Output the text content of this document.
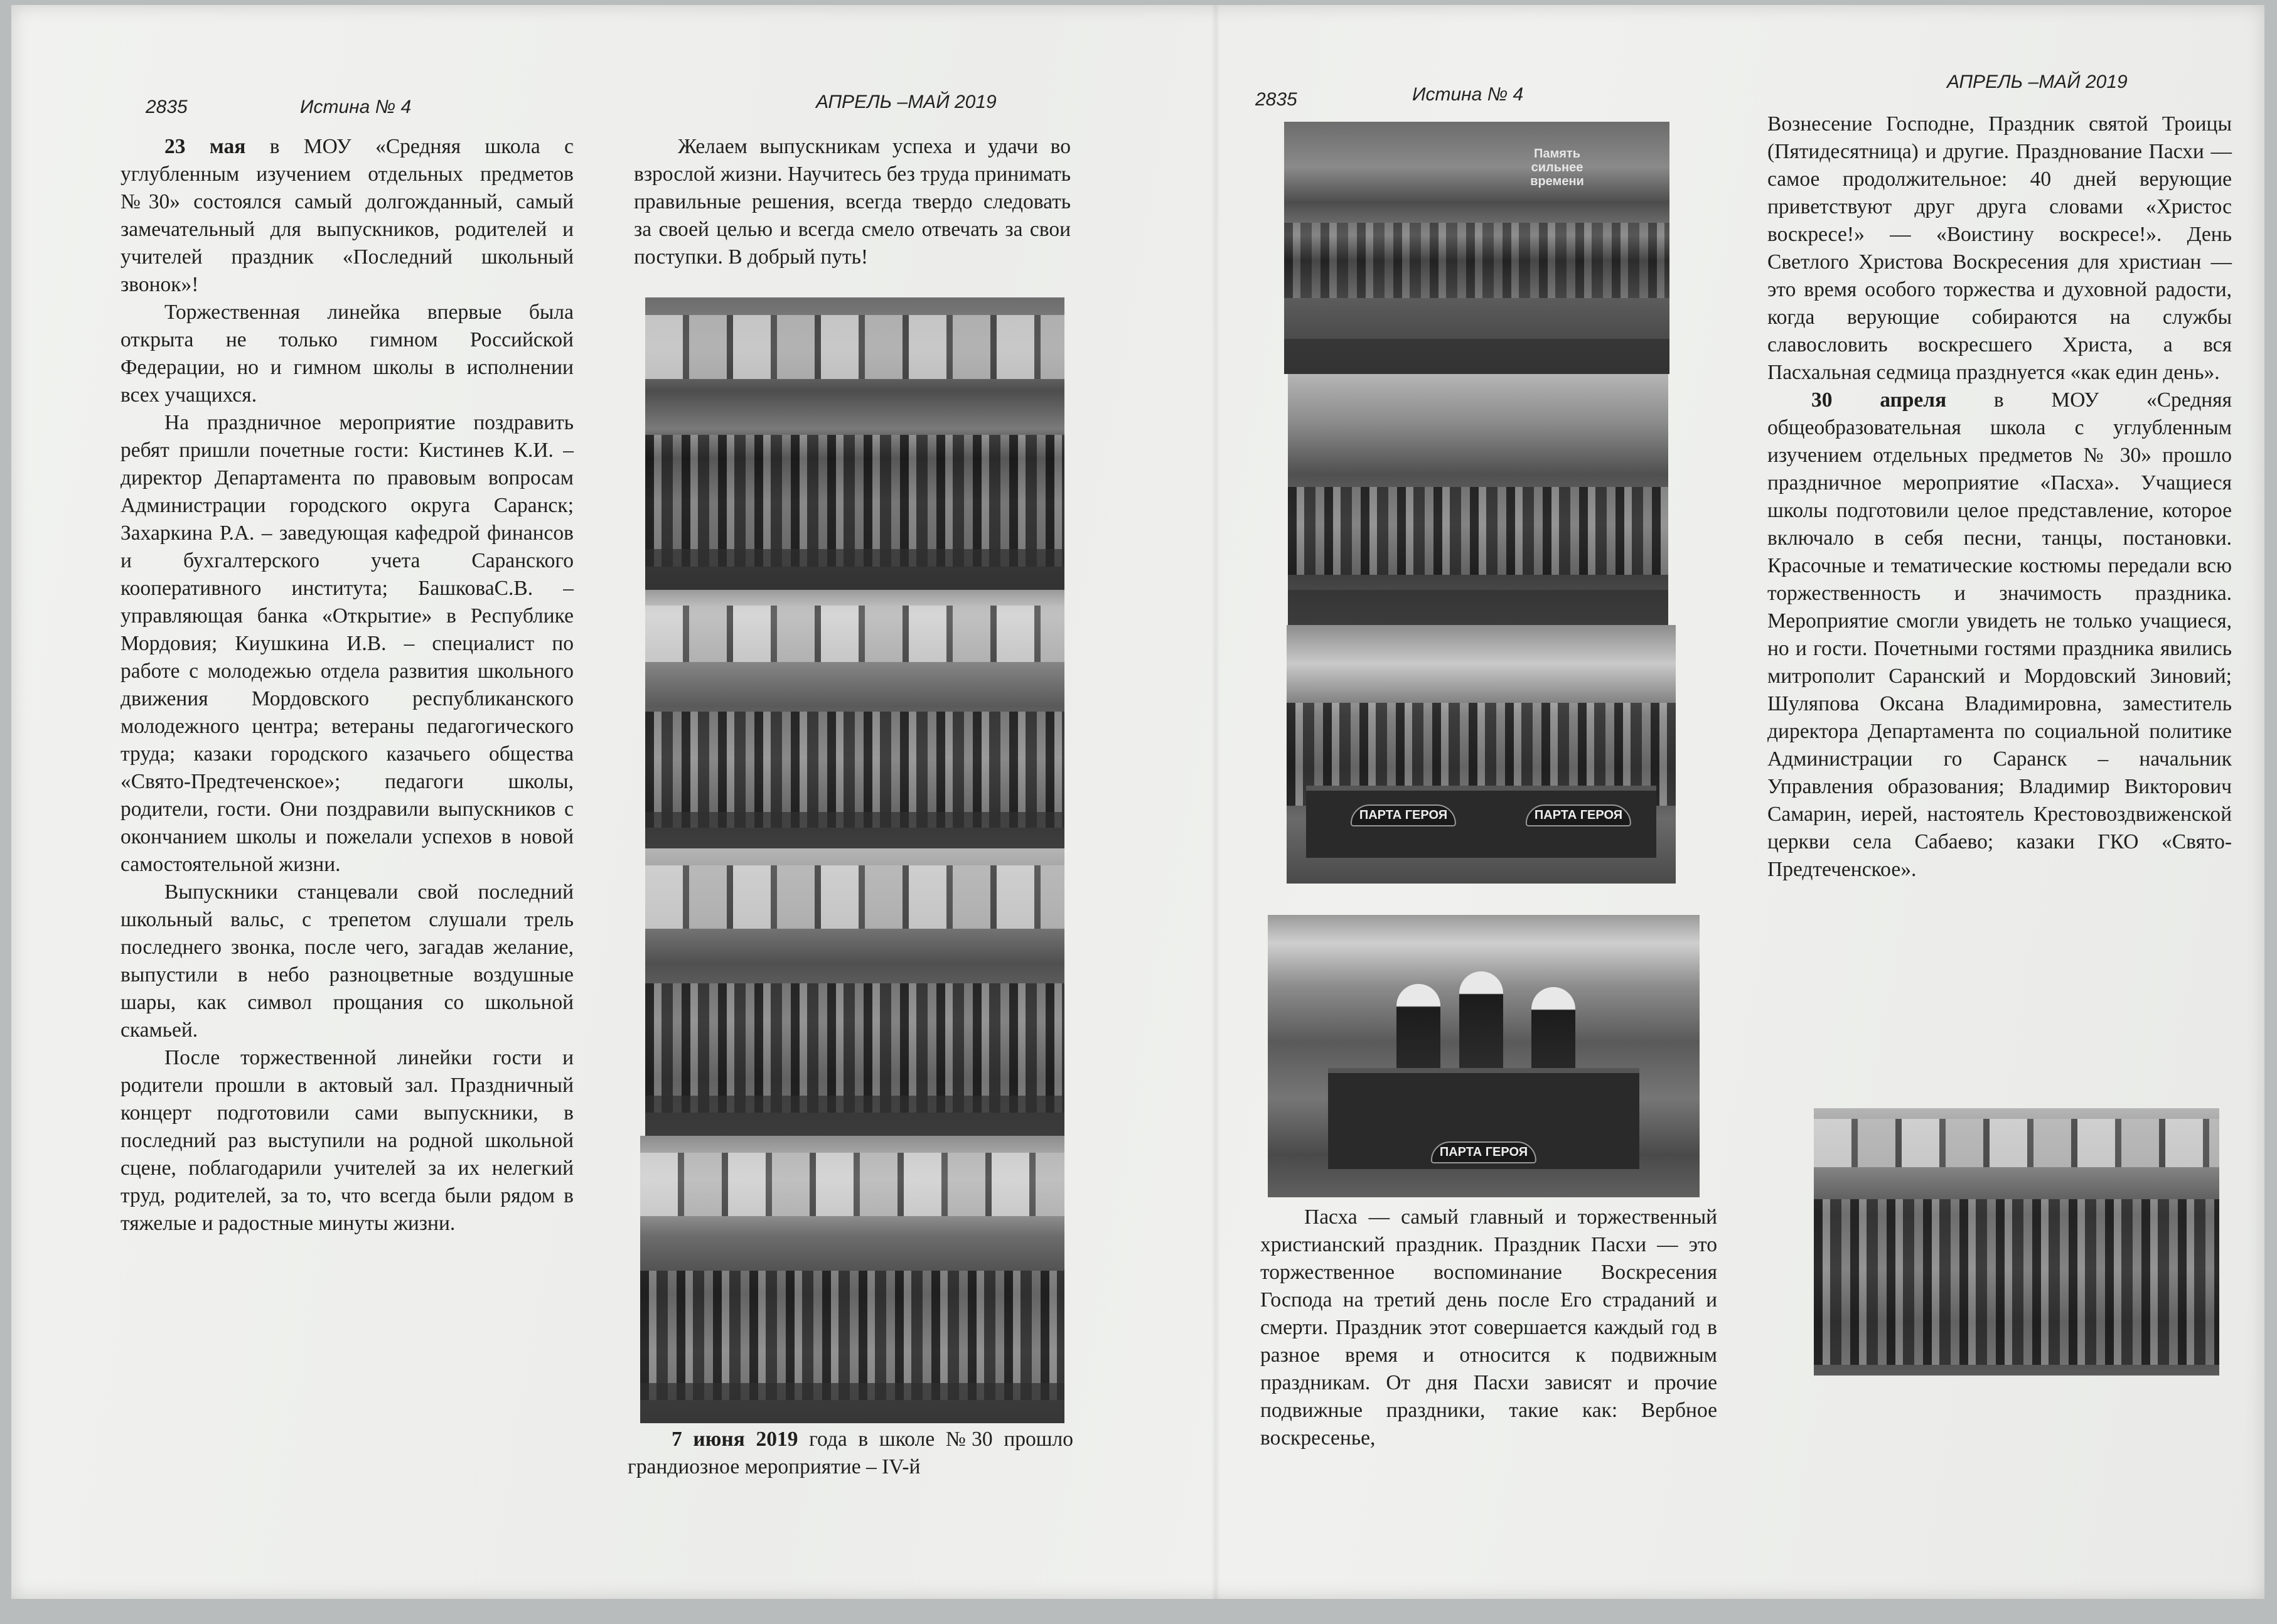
2835	Истина № 4	АПРЕЛЬ –МАЙ 2019	2835	Истина № 4
АПРЕЛЬ –МАЙ 2019

23 мая в МОУ «Средняя школа с углубленным изучением отдельных предметов №30» состоялся самый долгожданный, самый замечательный для выпускников, родителей и учителей праздник «Последний школьный звонок»!

Торжественная линейка впервые была открыта не только гимном Российской Федерации, но и гимном школы в исполнении всех учащихся.

На праздничное мероприятие поздравить ребят пришли почетные гости: Кистинев К.И. – директор Департамента по правовым вопросам Администрации городского округа Саранск; Захаркина Р.А. – заведующая кафедрой финансов и бухгалтерского учета Саранского кооперативного института; БашковаС.В. –управляющая банка «Открытие» в Республике Мордовия; Киушкина И.В. – специалист по работе с молодежью отдела развития школьного движения Мордовского республиканского молодежного центра; ветераны педагогического труда; казаки городского казачьего общества «Свято-Предтеченское»; педагоги школы, родители, гости. Они поздравили выпускников с окончанием школы и пожелали успехов в новой самостоятельной жизни.

Выпускники станцевали свой последний школьный вальс, с трепетом слушали трель последнего звонка, после чего, загадав желание, выпустили в небо разноцветные воздушные шары, как символ прощания со школьной скамьей.

После торжественной линейки гости и родители прошли в актовый зал. Праздничный концерт подготовили сами выпускники, в последний раз выступили на родной школьной сцене, поблагодарили учителей за их нелегкий труд, родителей, за то, что всегда были рядом в тяжелые и радостные минуты жизни.

Желаем выпускникам успеха и удачи во взрослой жизни. Научитесь без труда принимать правильные решения, всегда твердо следовать за своей целью и всегда смело отвечать за свои поступки. В добрый путь!

7 июня 2019 года в школе №30 прошло грандиозное мероприятие – IV-й

Память сильнее времени
ПАРТА ГЕРОЯ	ПАРТА ГЕРОЯ
ПАРТА ГЕРОЯ

Пасха — самый главный и торжественный христианский праздник. Праздник Пасхи — это торжественное воспоминание Воскресения Господа на третий день после Его страданий и смерти. Праздник этот совершается каждый год в разное время и относится к подвижным праздникам. От дня Пасхи зависят и прочие подвижные праздники, такие как: Вербное воскресенье,

Вознесение Господне, Праздник святой Троицы (Пятидесятница) и другие. Празднование Пасхи — самое продолжительное: 40 дней верующие приветствуют друг друга словами «Христос воскресе!» — «Воистину воскресе!». День Светлого Христова Воскресения для христиан — это время особого торжества и духовной радости, когда верующие собираются на службы славословить воскресшего Христа, а вся Пасхальная седмица празднуется «как един день».

30 апреля в МОУ «Средняя общеобразовательная школа с углубленным изучением отдельных предметов № 30» прошло праздничное мероприятие «Пасха». Учащиеся школы подготовили целое представление, которое включало в себя песни, танцы, постановки. Красочные и тематические костюмы передали всю торжественность и значимость праздника. Мероприятие смогли увидеть не только учащиеся, но и гости. Почетными гостями праздника явились митрополит Саранский и Мордовский Зиновий; Шуляпова Оксана Владимировна, заместитель директора Департамента по социальной политике Администрации го Саранск – начальник Управления образования; Владимир Викторович Самарин, иерей, настоятель Крестовоздвиженской церкви села Сабаево; казаки ГКО «Свято-Предтеченское».
